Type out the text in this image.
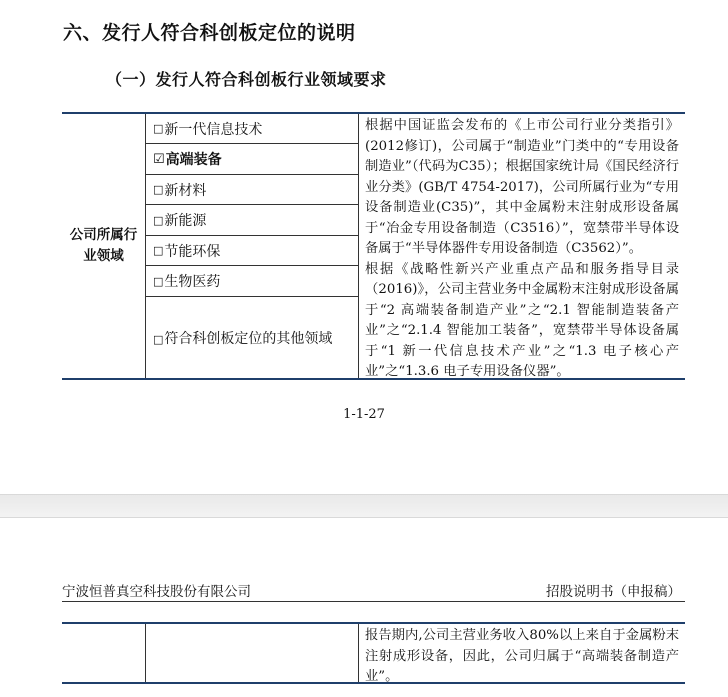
六、发行人符合科创板定位的说明
（一）发行人符合科创板行业领域要求
公司所属行业领域
□ 新一代信息技术
☑ 高端装备
□ 新材料
□ 新能源
□ 节能环保
□ 生物医药
□符合科创板定位的其他领域

根据中国证监会发布的《上市公司行业分类指引》(2012修订)，公司属于“制造业”门类中的“专用设备制造业”（代码为C35）；根据国家统计局《国民经济行业分类》(GB/T 4754-2017)，公司所属行业为“专用设备制造业(C35)”，其中金属粉末注射成形设备属于“冶金专用设备制造（C3516）”，宽禁带半导体设备属于“半导体器件专用设备制造（C3562）”。

根据《战略性新兴产业重点产品和服务指导目录（2016)》，公司主营业务中金属粉末注射成形设备属于“2 高端装备制造产业”之“2.1 智能制造装备产业”之“2.1.4 智能加工装备”，宽禁带半导体设备属于“1 新一代信息技术产业”之“1.3 电子核心产业”之“1.3.6 电子专用设备仪器”。

1-1-27
宁波恒普真空科技股份有限公司	招股说明书（申报稿）
报告期内,公司主营业务收入80%以上来自于金属粉末注射成形设备，因此，公司归属于“高端装备制造产业”。
